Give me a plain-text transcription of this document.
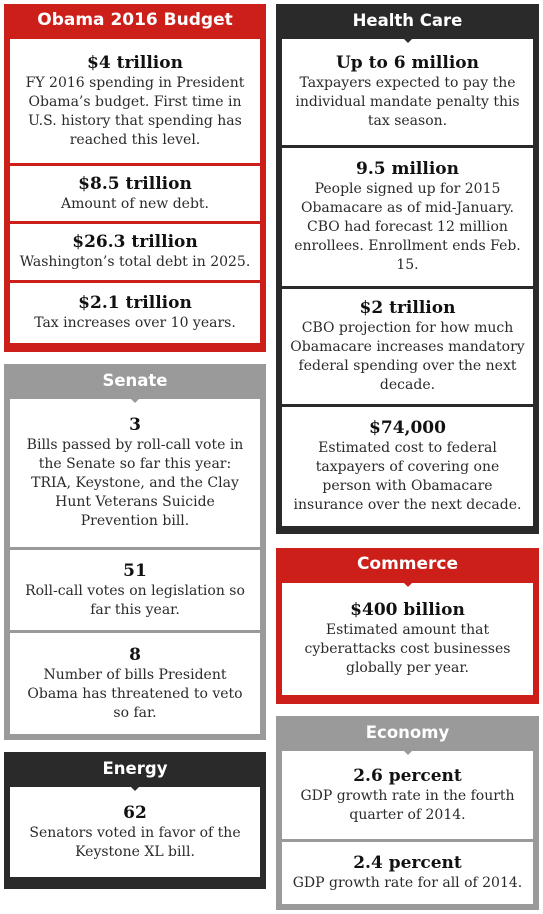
Obama 2016 Budget
$4 trillion
FY 2016 spending in President Obama’s budget. First time in U.S. history that spending has reached this level.
$8.5 trillion
Amount of new debt.
$26.3 trillion
Washington’s total debt in 2025.
$2.1 trillion
Tax increases over 10 years.
Health Care
Up to 6 million
Taxpayers expected to pay the individual mandate penalty this tax season.
9.5 million
People signed up for 2015 Obamacare as of mid-January. CBO had forecast 12 million enrollees. Enrollment ends Feb. 15.
$2 trillion
CBO projection for how much Obamacare increases mandatory federal spending over the next decade.
$74,000
Estimated cost to federal taxpayers of covering one person with Obamacare insurance over the next decade.
Senate
3
Bills passed by roll-call vote in the Senate so far this year: TRIA, Keystone, and the Clay Hunt Veterans Suicide Prevention bill.
51
Roll-call votes on legislation so far this year.
8
Number of bills President Obama has threatened to veto so far.
Commerce
$400 billion
Estimated amount that cyberattacks cost businesses globally per year.
Energy
62
Senators voted in favor of the Keystone XL bill.
Economy
2.6 percent
GDP growth rate in the fourth quarter of 2014.
2.4 percent
GDP growth rate for all of 2014.
